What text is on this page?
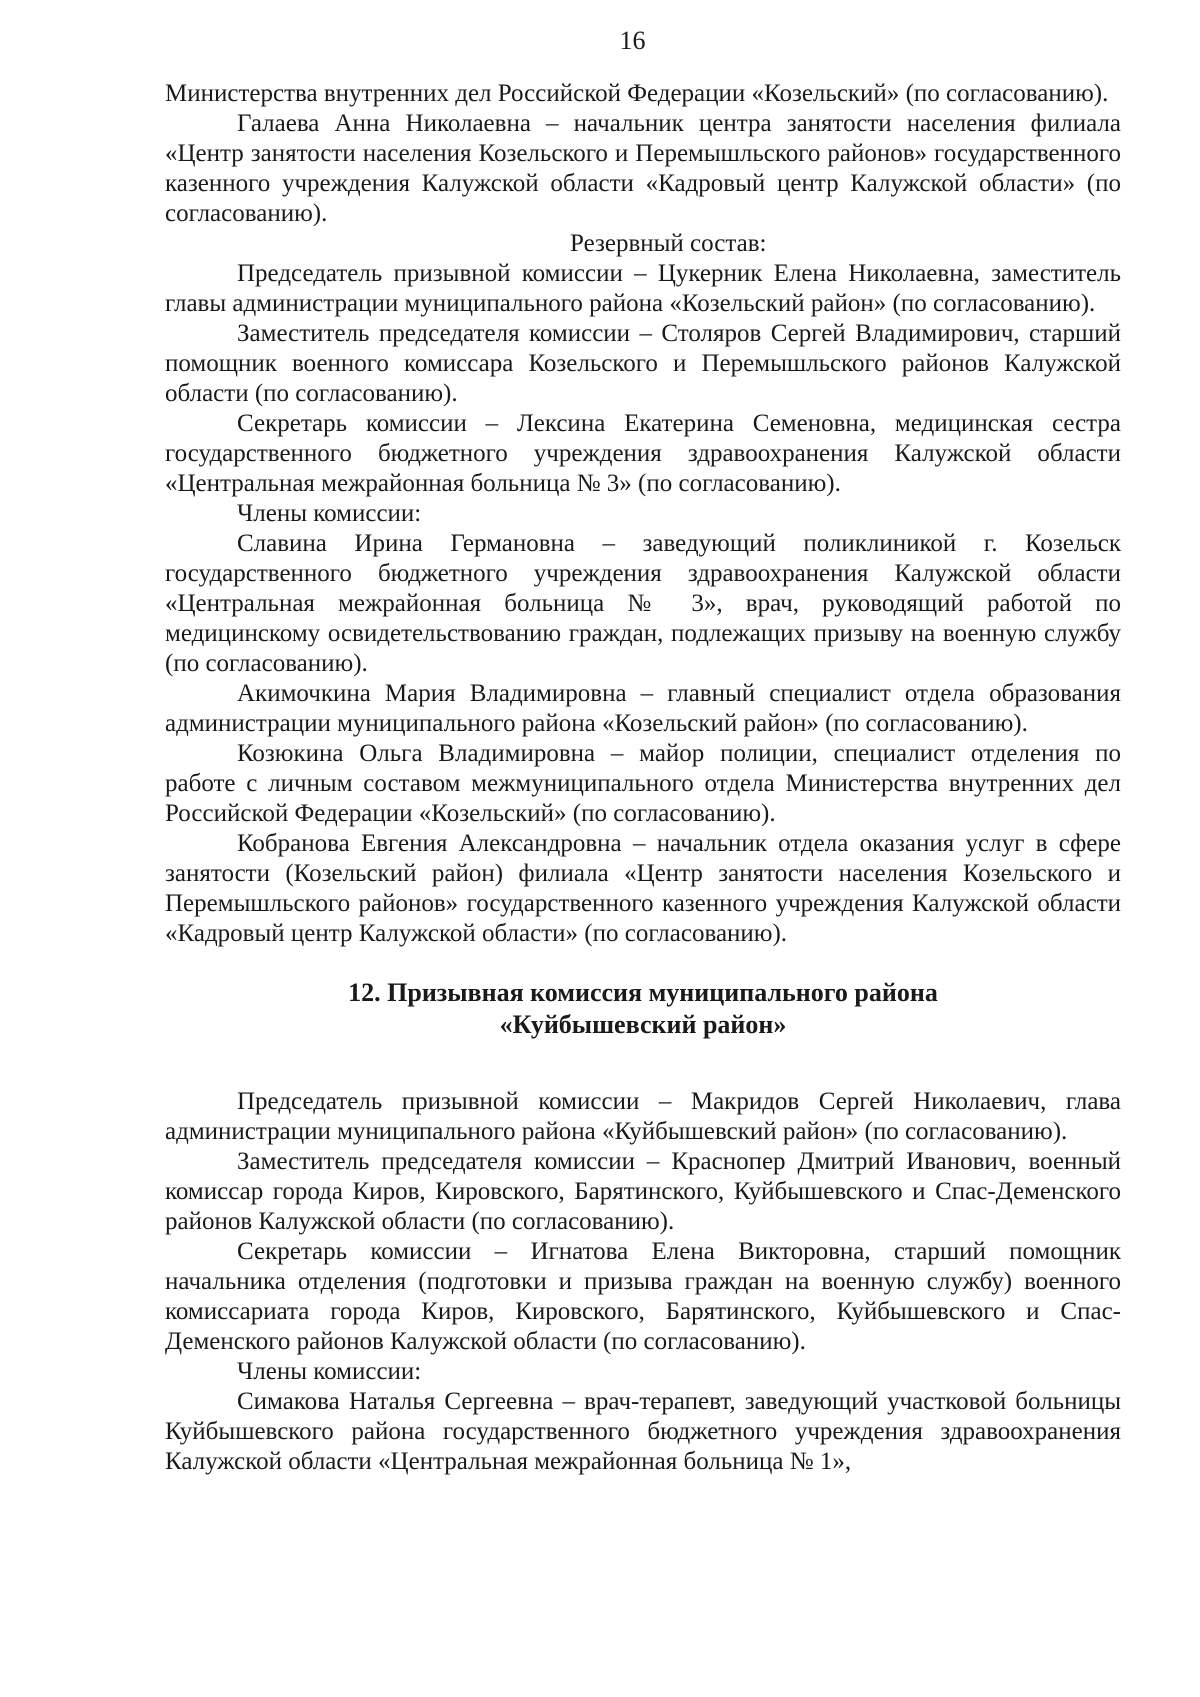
16

Министерства внутренних дел Российской Федерации «Козельский» (по согласованию).

Галаева Анна Николаевна – начальник центра занятости населения филиала «Центр занятости населения Козельского и Перемышльского районов» государственного казенного учреждения Калужской области «Кадровый центр Калужской области» (по согласованию).

Резервный состав:

Председатель призывной комиссии – Цукерник Елена Николаевна, заместитель главы администрации муниципального района «Козельский район» (по согласованию).

Заместитель председателя комиссии – Столяров Сергей Владимирович, старший помощник военного комиссара Козельского и Перемышльского районов Калужской области (по согласованию).

Секретарь комиссии – Лексина Екатерина Семеновна, медицинская сестра государственного бюджетного учреждения здравоохранения Калужской области «Центральная межрайонная больница № 3» (по согласованию).

Члены комиссии:

Славина Ирина Германовна – заведующий поликлиникой г. Козельск государственного бюджетного учреждения здравоохранения Калужской области «Центральная межрайонная больница № 3», врач, руководящий работой по медицинскому освидетельствованию граждан, подлежащих призыву на военную службу (по согласованию).

Акимочкина Мария Владимировна – главный специалист отдела образования администрации муниципального района «Козельский район» (по согласованию).

Козюкина Ольга Владимировна – майор полиции, специалист отделения по работе с личным составом межмуниципального отдела Министерства внутренних дел Российской Федерации «Козельский» (по согласованию).

Кобранова Евгения Александровна – начальник отдела оказания услуг в сфере занятости (Козельский район) филиала «Центр занятости населения Козельского и Перемышльского районов» государственного казенного учреждения Калужской области «Кадровый центр Калужской области» (по согласованию).

12. Призывная комиссия муниципального района
«Куйбышевский район»

Председатель призывной комиссии – Макридов Сергей Николаевич, глава администрации муниципального района «Куйбышевский район» (по согласованию).

Заместитель председателя комиссии – Краснопер Дмитрий Иванович, военный комиссар города Киров, Кировского, Барятинского, Куйбышевского и Спас-Деменского районов Калужской области (по согласованию).

Секретарь комиссии – Игнатова Елена Викторовна, старший помощник начальника отделения (подготовки и призыва граждан на военную службу) военного комиссариата города Киров, Кировского, Барятинского, Куйбышевского и Спас-Деменского районов Калужской области (по согласованию).

Члены комиссии:

Симакова Наталья Сергеевна – врач-терапевт, заведующий участковой больницы Куйбышевского района государственного бюджетного учреждения здравоохранения Калужской области «Центральная межрайонная больница № 1»,
